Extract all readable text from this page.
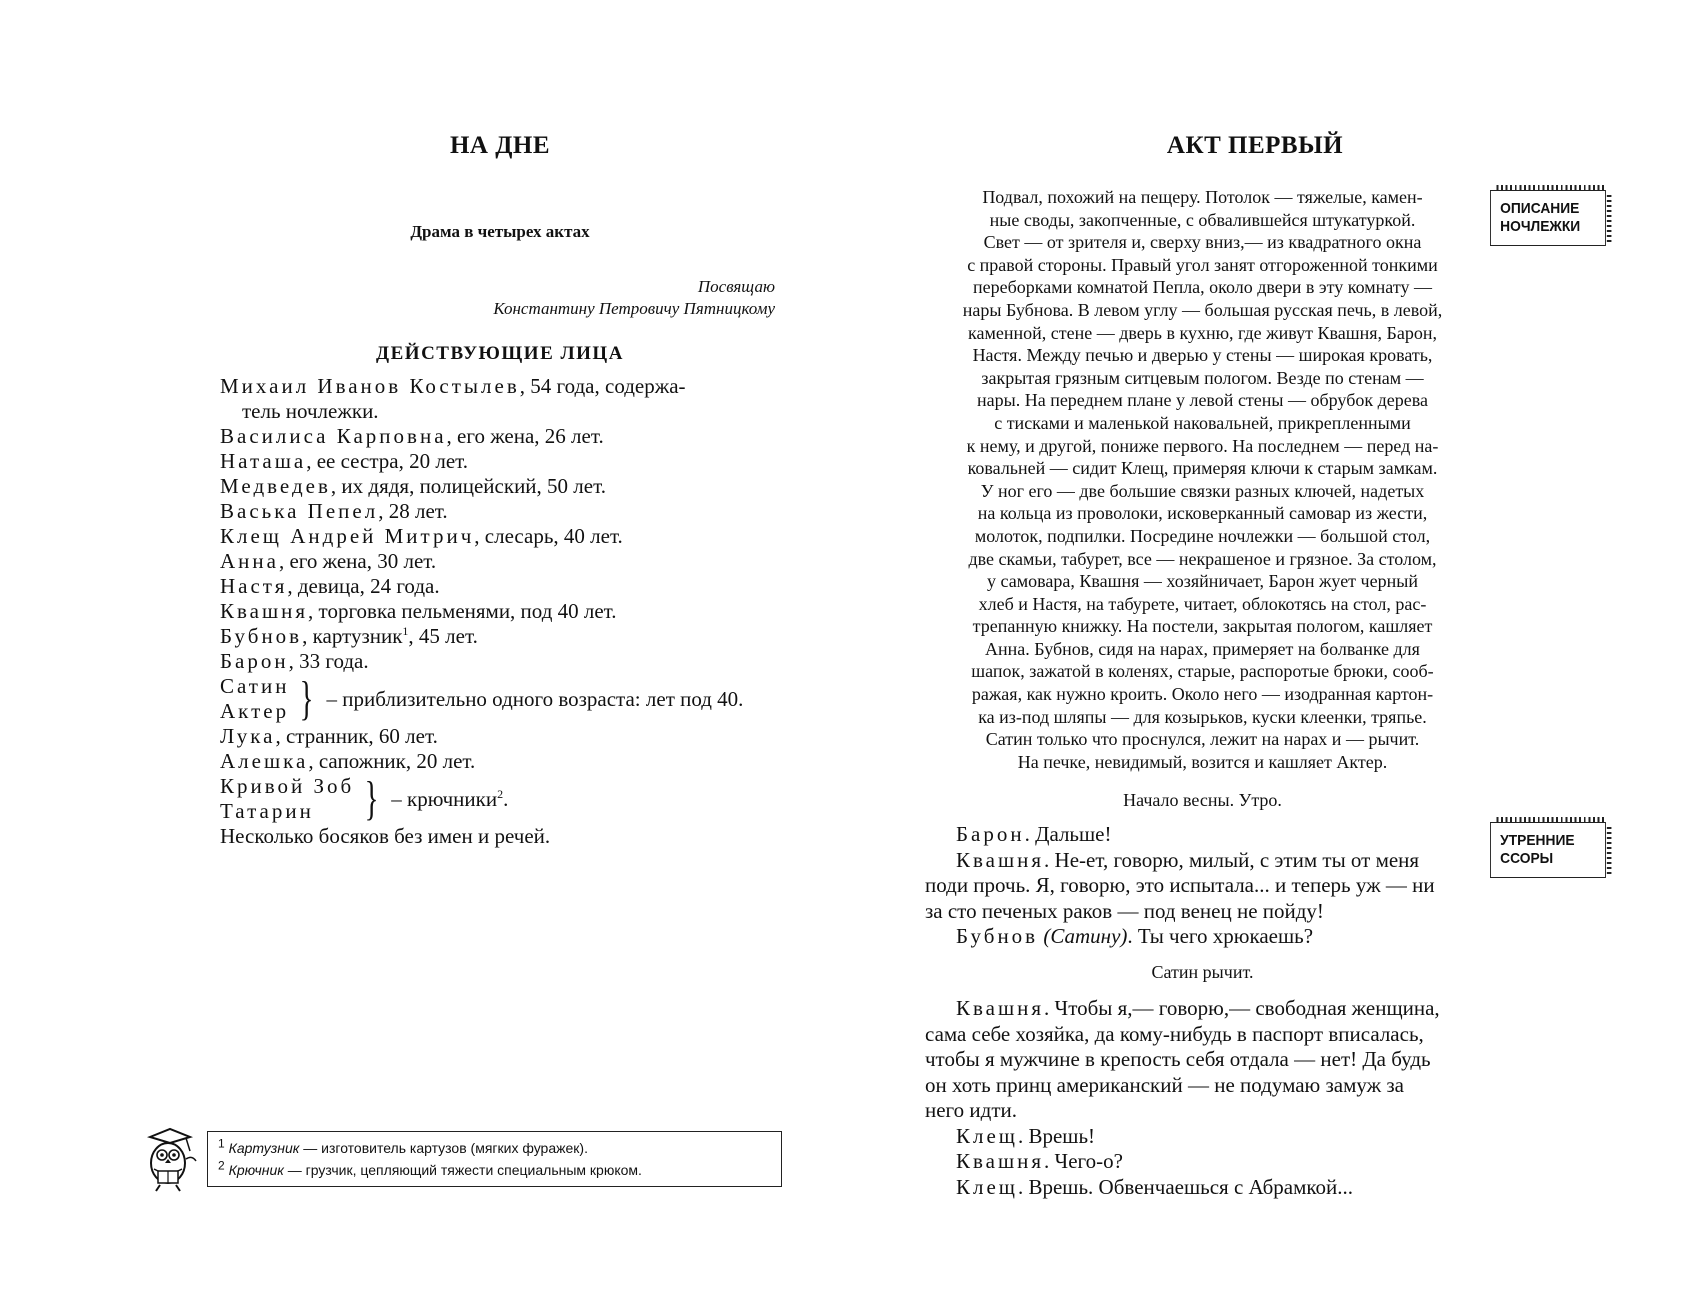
НА ДНЕ
Драма в четырех актах
Посвящаю
Константину Петровичу Пятницкому
ДЕЙСТВУЮЩИЕ ЛИЦА
Михаил Иванов Костылев, 54 года, содержа-
тель ночлежки.
Василиса Карповна, его жена, 26 лет.
Наташа, ее сестра, 20 лет.
Медведев, их дядя, полицейский, 50 лет.
Васька Пепел, 28 лет.
Клещ Андрей Митрич, слесарь, 40 лет.
Анна, его жена, 30 лет.
Настя, девица, 24 года.
Квашня, торговка пельменями, под 40 лет.
Бубнов, картузник$^1$, 45 лет.
Барон, 33 года.
Сатин
Актер } – приблизительно одного возраста: лет под 40.
Лука, странник, 60 лет.
Алешка, сапожник, 20 лет.
Кривой Зоб
Татарин	} – крючники$^2$.
Несколько босяков без имен и речей.
$^1$ Картузник — изготовитель картузов (мягких фуражек).
$^2$ Крючник — грузчик, цепляющий тяжести специальным крюком.
АКТ ПЕРВЫЙ
Подвал, похожий на пещеру. Потолок — тяжелые, камен-
ные своды, закопченные, с обвалившейся штукатуркой.
Свет — от зрителя и, сверху вниз,— из квадратного окна
с правой стороны. Правый угол занят отгороженной тонкими
переборками комнатой Пепла, около двери в эту комнату —
нары Бубнова. В левом углу — большая русская печь, в левой,
каменной, стене — дверь в кухню, где живут Квашня, Барон,
Настя. Между печью и дверью у стены — широкая кровать,
закрытая грязным ситцевым пологом. Везде по стенам —
нары. На переднем плане у левой стены — обрубок дерева
с тисками и маленькой наковальней, прикрепленными
к нему, и другой, пониже первого. На последнем — перед на-
ковальней — сидит Клещ, примеряя ключи к старым замкам.
У ног его — две большие связки разных ключей, надетых
на кольца из проволоки, исковерканный самовар из жести,
молоток, подпилки. Посредине ночлежки — большой стол,
две скамьи, табурет, все — некрашеное и грязное. За столом,
у самовара, Квашня — хозяйничает, Барон жует черный
хлеб и Настя, на табурете, читает, облокотясь на стол, рас-
трепанную книжку. На постели, закрытая пологом, кашляет
Анна. Бубнов, сидя на нарах, примеряет на болванке для
шапок, зажатой в коленях, старые, распоротые брюки, сооб-
ражая, как нужно кроить. Около него — изодранная картон-
ка из-под шляпы — для козырьков, куски клеенки, тряпье.
Сатин только что проснулся, лежит на нарах и — рычит.
На печке, невидимый, возится и кашляет Актер.
Начало весны. Утро.

Барон. Дальше!

Квашня. Не-ет, говорю, милый, с этим ты от меня

поди прочь. Я, говорю, это испытала... и теперь уж — ни
за сто печеных раков — под венец не пойду!

Бубнов (Сатину). Ты чего хрюкаешь?

Сатин рычит.

Квашня. Чтобы я,— говорю,— свободная женщина,

сама себе хозяйка, да кому-нибудь в паспорт вписалась,
чтобы я мужчине в крепость себя отдала — нет! Да будь
он хоть принц американский — не подумаю замуж за
него идти.

Клещ. Врешь!

Квашня. Чего-о?

Клещ. Врешь. Обвенчаешься с Абрамкой...

ОПИСАНИЕ
НОЧЛЕЖКИ
УТРЕННИЕ
ССОРЫ
